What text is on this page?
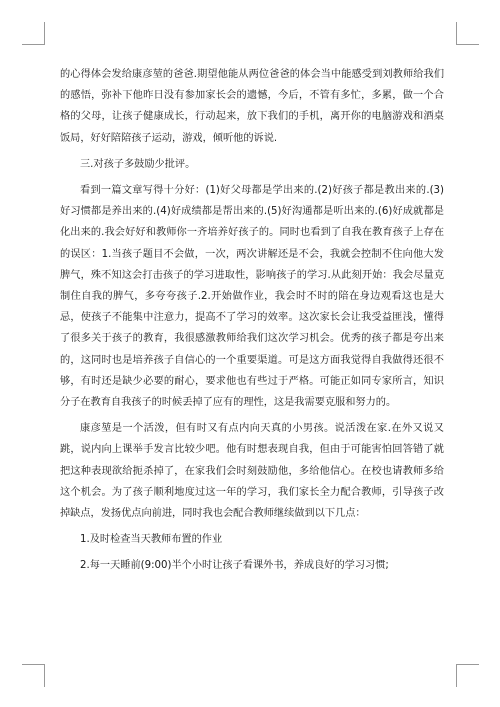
的心得体会发给康彦堃的爸爸.期望他能从两位爸爸的体会当中能感受到刘教师给我们的感悟，弥补下他昨日没有参加家长会的遗憾，今后，不管有多忙，多累，做一个合格的父母，让孩子健康成长，行动起来，放下我们的手机，离开你的电脑游戏和酒桌饭局，好好陪陪孩子运动，游戏，倾听他的诉说.

三.对孩子多鼓励少批评。

看到一篇文章写得十分好：(1)好父母都是学出来的.(2)好孩子都是教出来的.(3)好习惯都是养出来的.(4)好成绩都是帮出来的.(5)好沟通都是听出来的.(6)好成就都是化出来的.我会好好和教师你一齐培养好孩子的。同时也看到了自我在教育孩子上存在的误区：1.当孩子题目不会做，一次，两次讲解还是不会，我就会控制不住向他大发脾气，殊不知这会打击孩子的学习进取性，影响孩子的学习.从此刻开始：我会尽量克制住自我的脾气，多夸夸孩子.2.开始做作业，我会时不时的陪在身边观看这也是大忌，使孩子不能集中注意力，提高不了学习的效率。这次家长会让我受益匪浅，懂得了很多关于孩子的教育，我很感激教师给我们这次学习机会。优秀的孩子都是夸出来的，这同时也是培养孩子自信心的一个重要渠道。可是这方面我觉得自我做得还很不够，有时还是缺少必要的耐心，要求他也有些过于严格。可能正如同专家所言，知识分子在教育自我孩子的时候丢掉了应有的理性，这是我需要克服和努力的。

康彦堃是一个活泼，但有时又有点内向天真的小男孩。说活泼在家.在外又说又跳，说内向上课举手发言比较少吧。他有时想表现自我，但由于可能害怕回答错了就把这种表现欲给扼杀掉了，在家我们会时刻鼓励他，多给他信心。在校也请教师多给这个机会。为了孩子顺利地度过这一年的学习，我们家长全力配合教师，引导孩子改掉缺点，发扬优点向前进，同时我也会配合教师继续做到以下几点：

1.及时检查当天教师布置的作业

2.每一天睡前(9:00)半个小时让孩子看课外书，养成良好的学习习惯;
